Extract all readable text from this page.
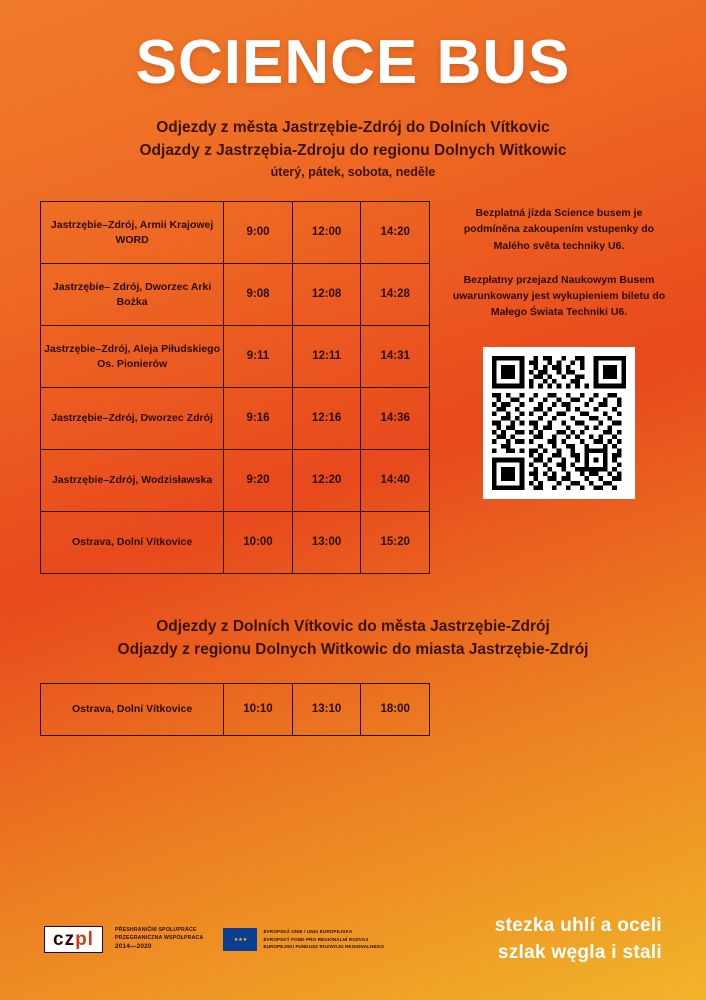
SCIENCE BUS
Odjezdy z města Jastrzębie-Zdrój do Dolních Vítkovic
Odjazdy z Jastrzębia-Zdroju do regionu Dolnych Witkowic
úterý, pátek, sobota, neděle
Jastrzębie–Zdrój, Armii Krajowej WORD	9:00	12:00	14:20
Jastrzębie– Zdrój, Dworzec Arki Bożka	9:08	12:08	14:28
Jastrzębie–Zdrój, Aleja Piłudskiego Os. Pionierów	9:11	12:11	14:31
Jastrzębie–Zdrój, Dworzec Zdrój	9:16	12:16	14:36
Jastrzębie–Zdrój, Wodzisławska	9:20	12:20	14:40
Ostrava, Dolní Vítkovice	10:00	13:00	15:20
Bezplatná jízda Science busem je podmíněna zakoupením vstupenky do Malého světa techniky U6.
Bezpłatny przejazd Naukowym Busem uwarunkowany jest wykupieniem biletu do Małego Świata Techniki U6.
Odjezdy z Dolních Vítkovic do města Jastrzębie-Zdrój
Odjazdy z regionu Dolnych Witkowic do miasta Jastrzębie-Zdrój
Ostrava, Dolní Vítkovice	10:10	13:10	18:00
czpl	PŘESHRANIČNÍ SPOLUPRÁCE
PRZEGRANICZNA WSPÓŁPRACA
2014—2020
★★★
EVROPSKÁ UNIE / UNIA EUROPEJSKA
EVROPSKÝ FOND PRO REGIONÁLNÍ ROZVOJ
EUROPEJSKI FUNDUSZ ROZWOJU REGIONALNEGO
stezka uhlí a oceli
szlak węgla i stali
